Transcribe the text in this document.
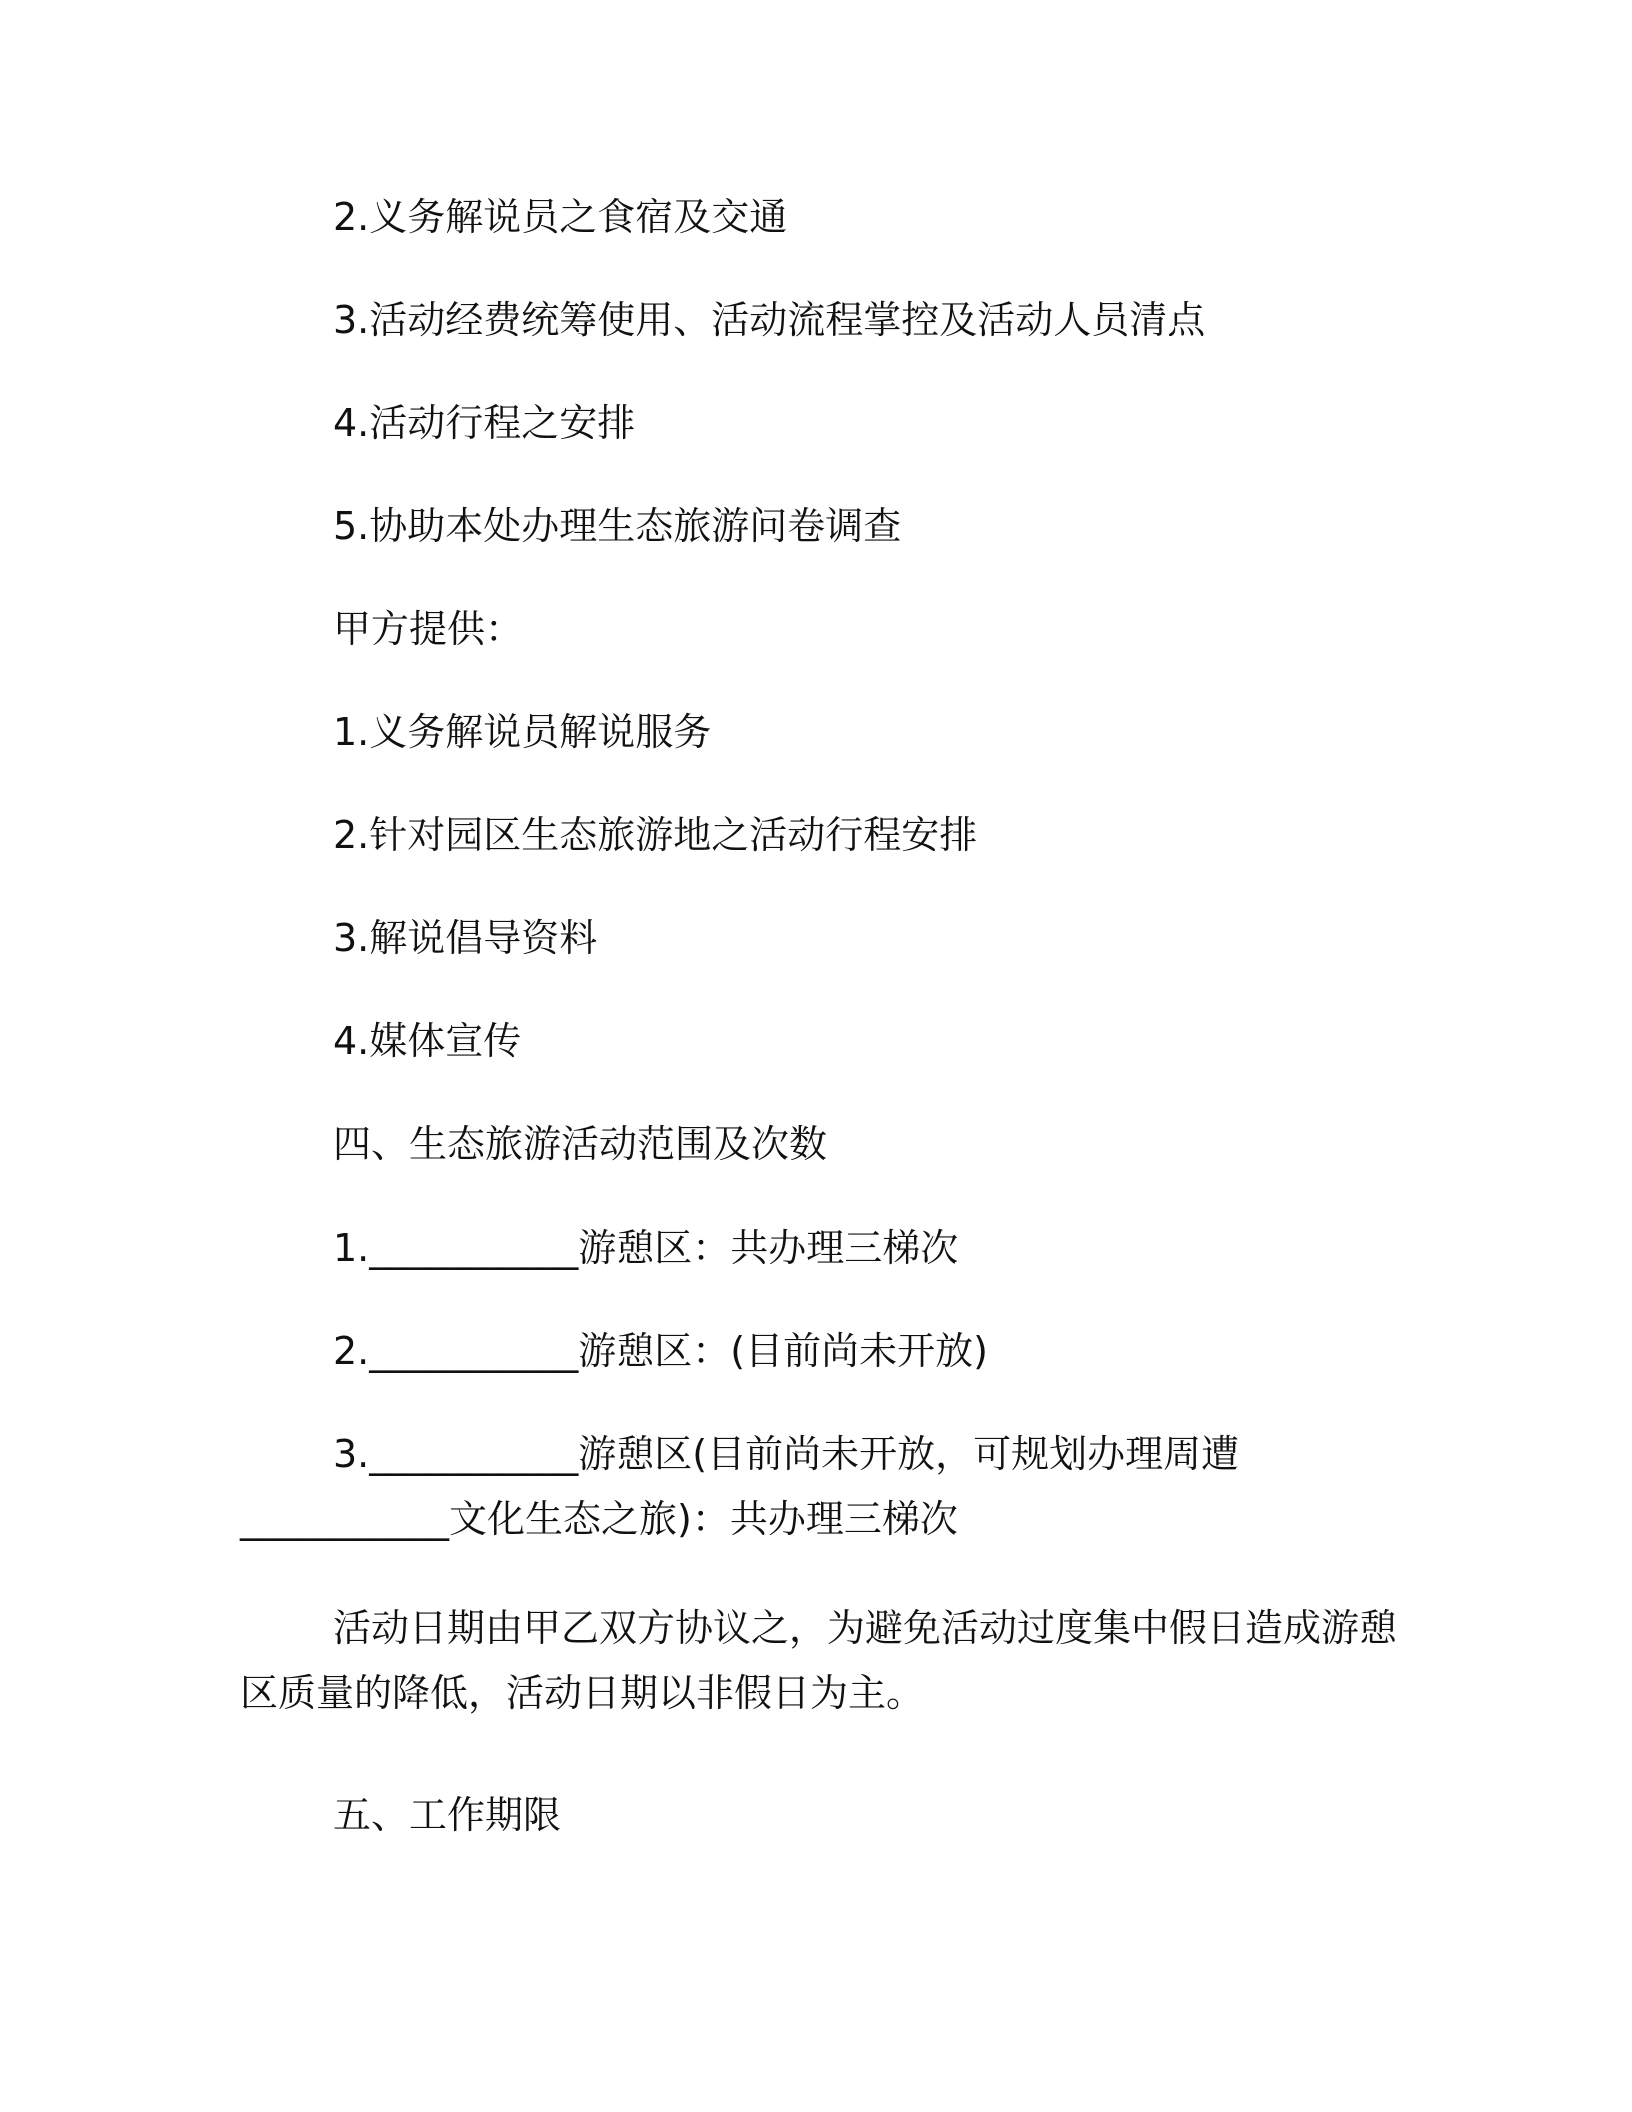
2.义务解说员之食宿及交通
3.活动经费统筹使用、活动流程掌控及活动人员清点
4.活动行程之安排
5.协助本处办理生态旅游问卷调查
甲方提供：
1.义务解说员解说服务
2.针对园区生态旅游地之活动行程安排
3.解说倡导资料
4.媒体宣传
四、生态旅游活动范围及次数
1.___________游憩区：共办理三梯次
2.___________游憩区：(目前尚未开放)
3.___________游憩区(目前尚未开放，可规划办理周遭
___________文化生态之旅)：共办理三梯次
活动日期由甲乙双方协议之，为避免活动过度集中假日造成游憩
区质量的降低，活动日期以非假日为主。
五、工作期限
